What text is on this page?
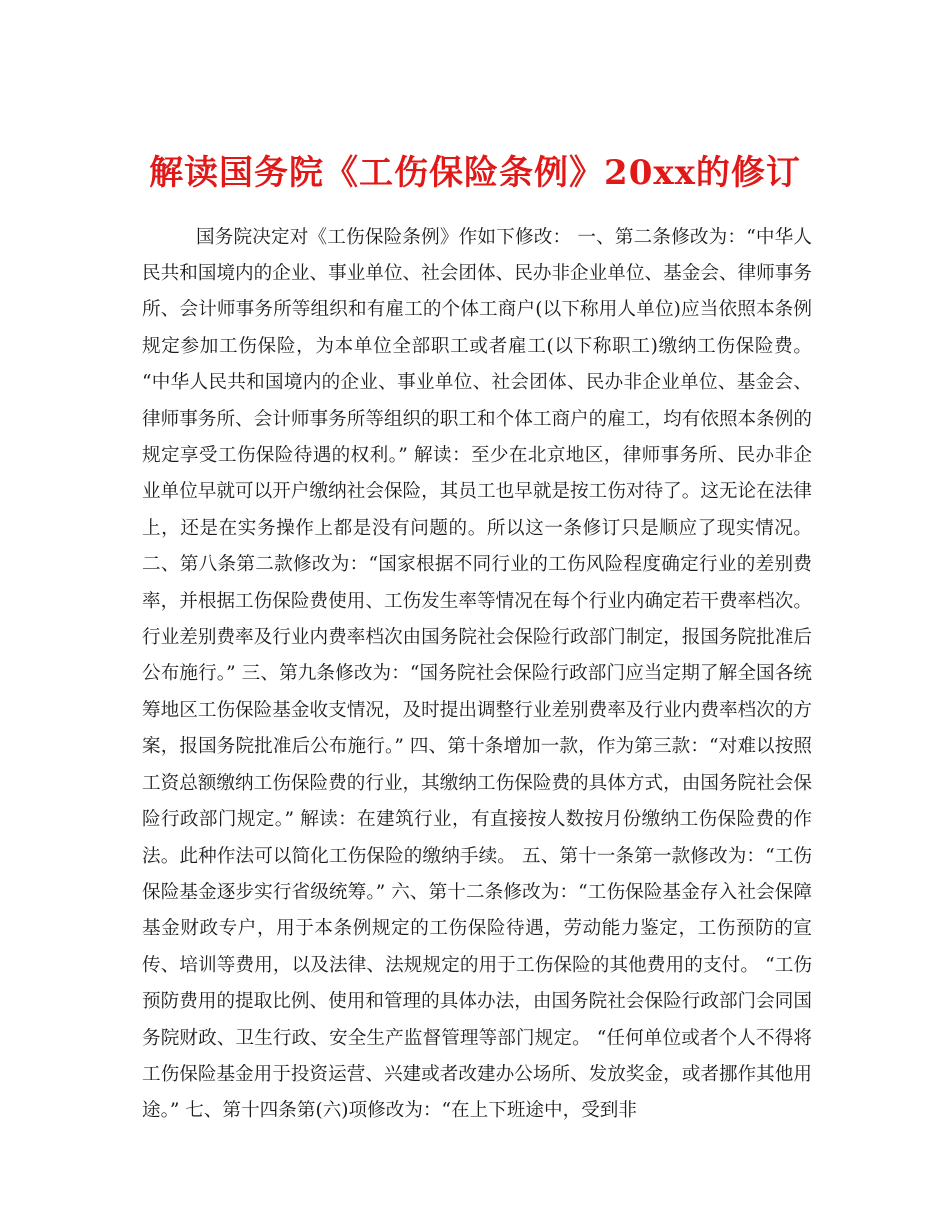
解读国务院《工伤保险条例》20xx的修订

国务院决定对《工伤保险条例》作如下修改： 一、第二条修改为：“中华人民共和国境内的企业、事业单位、社会团体、民办非企业单位、基金会、律师事务所、会计师事务所等组织和有雇工的个体工商户(以下称用人单位)应当依照本条例规定参加工伤保险，为本单位全部职工或者雇工(以下称职工)缴纳工伤保险费。 “中华人民共和国境内的企业、事业单位、社会团体、民办非企业单位、基金会、律师事务所、会计师事务所等组织的职工和个体工商户的雇工，均有依照本条例的规定享受工伤保险待遇的权利。” 解读：至少在北京地区，律师事务所、民办非企业单位早就可以开户缴纳社会保险，其员工也早就是按工伤对待了。这无论在法律上，还是在实务操作上都是没有问题的。所以这一条修订只是顺应了现实情况。 二、第八条第二款修改为：“国家根据不同行业的工伤风险程度确定行业的差别费率，并根据工伤保险费使用、工伤发生率等情况在每个行业内确定若干费率档次。行业差别费率及行业内费率档次由国务院社会保险行政部门制定，报国务院批准后公布施行。” 三、第九条修改为：“国务院社会保险行政部门应当定期了解全国各统筹地区工伤保险基金收支情况，及时提出调整行业差别费率及行业内费率档次的方案，报国务院批准后公布施行。” 四、第十条增加一款，作为第三款：“对难以按照工资总额缴纳工伤保险费的行业，其缴纳工伤保险费的具体方式，由国务院社会保险行政部门规定。” 解读：在建筑行业，有直接按人数按月份缴纳工伤保险费的作法。此种作法可以简化工伤保险的缴纳手续。 五、第十一条第一款修改为：“工伤保险基金逐步实行省级统筹。” 六、第十二条修改为：“工伤保险基金存入社会保障基金财政专户，用于本条例规定的工伤保险待遇，劳动能力鉴定，工伤预防的宣传、培训等费用，以及法律、法规规定的用于工伤保险的其他费用的支付。 “工伤预防费用的提取比例、使用和管理的具体办法，由国务院社会保险行政部门会同国务院财政、卫生行政、安全生产监督管理等部门规定。 “任何单位或者个人不得将工伤保险基金用于投资运营、兴建或者改建办公场所、发放奖金，或者挪作其他用途。” 七、第十四条第(六)项修改为：“在上下班途中，受到非
